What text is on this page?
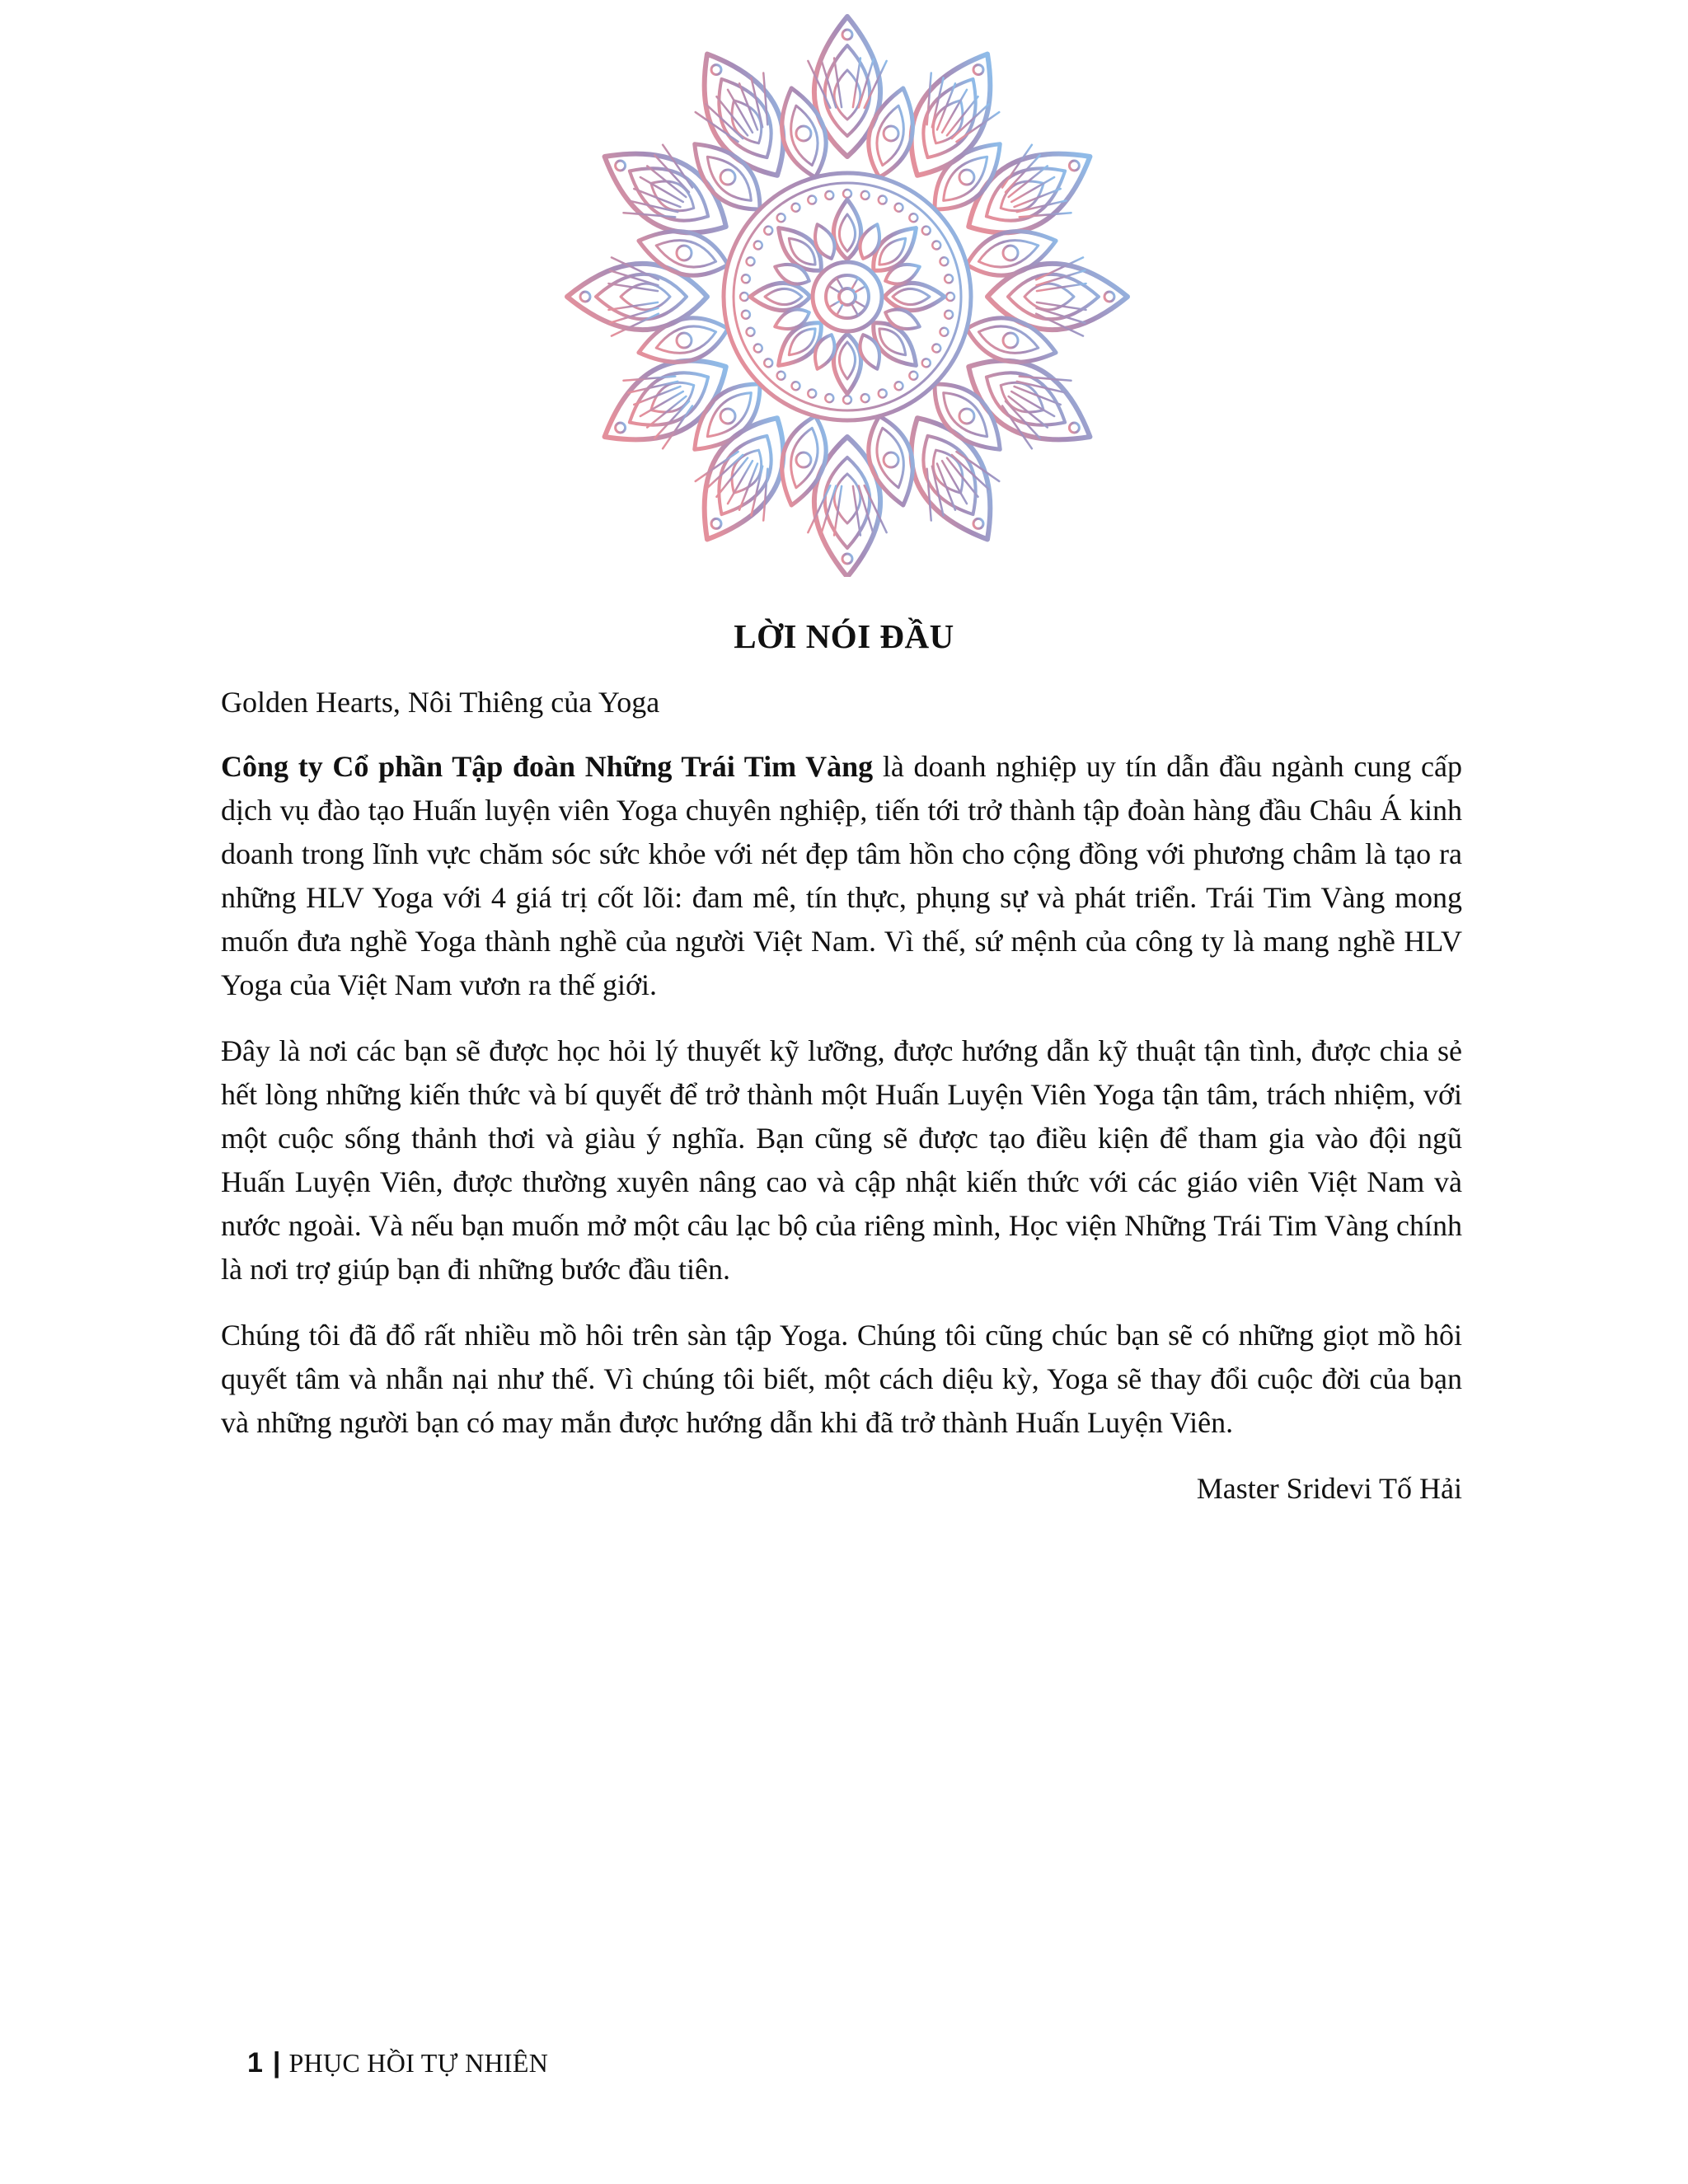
LỜI NÓI ĐẦU

Golden Hearts, Nôi Thiêng của Yoga

Công ty Cổ phần Tập đoàn Những Trái Tim Vàng là doanh nghiệp uy tín dẫn đầu ngành cung cấp dịch vụ đào tạo Huấn luyện viên Yoga chuyên nghiệp, tiến tới trở thành tập đoàn hàng đầu Châu Á kinh doanh trong lĩnh vực chăm sóc sức khỏe với nét đẹp tâm hồn cho cộng đồng với phương châm là tạo ra những HLV Yoga với 4 giá trị cốt lõi: đam mê, tín thực, phụng sự và phát triển. Trái Tim Vàng mong muốn đưa nghề Yoga thành nghề của người Việt Nam. Vì thế, sứ mệnh của công ty là mang nghề HLV Yoga của Việt Nam vươn ra thế giới.

Đây là nơi các bạn sẽ được học hỏi lý thuyết kỹ lưỡng, được hướng dẫn kỹ thuật tận tình, được chia sẻ hết lòng những kiến thức và bí quyết để trở thành một Huấn Luyện Viên Yoga tận tâm, trách nhiệm, với một cuộc sống thảnh thơi và giàu ý nghĩa. Bạn cũng sẽ được tạo điều kiện để tham gia vào đội ngũ Huấn Luyện Viên, được thường xuyên nâng cao và cập nhật kiến thức với các giáo viên Việt Nam và nước ngoài. Và nếu bạn muốn mở một câu lạc bộ của riêng mình, Học viện Những Trái Tim Vàng chính là nơi trợ giúp bạn đi những bước đầu tiên.

Chúng tôi đã đổ rất nhiều mồ hôi trên sàn tập Yoga. Chúng tôi cũng chúc bạn sẽ có những giọt mồ hôi quyết tâm và nhẫn nại như thế. Vì chúng tôi biết, một cách diệu kỳ, Yoga sẽ thay đổi cuộc đời của bạn và những người bạn có may mắn được hướng dẫn khi đã trở thành Huấn Luyện Viên.

Master Sridevi Tố Hải
1 | PHỤC HỒI TỰ NHIÊN
